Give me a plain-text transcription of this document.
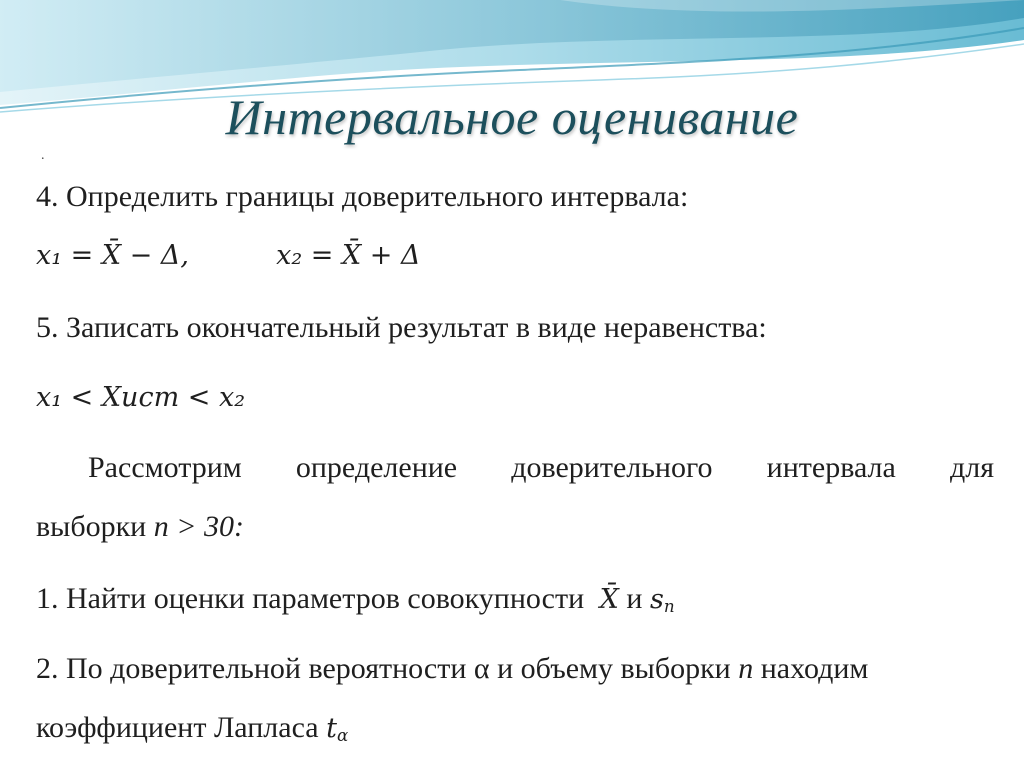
Интервальное оценивание
.
4. Определить границы доверительного интервала:
x₁ = X̄ − Δ,	x₂ = X̄ + Δ
5. Записать окончательный результат в виде неравенства:
x₁ < Xист < x₂
Рассмотрим определение доверительного интервала для
выборки n > 30:
1. Найти оценки параметров совокупности X̄ и $s_n$
2. По доверительной вероятности α и объему выборки n находим
коэффициент Лапласа $t_\alpha$
